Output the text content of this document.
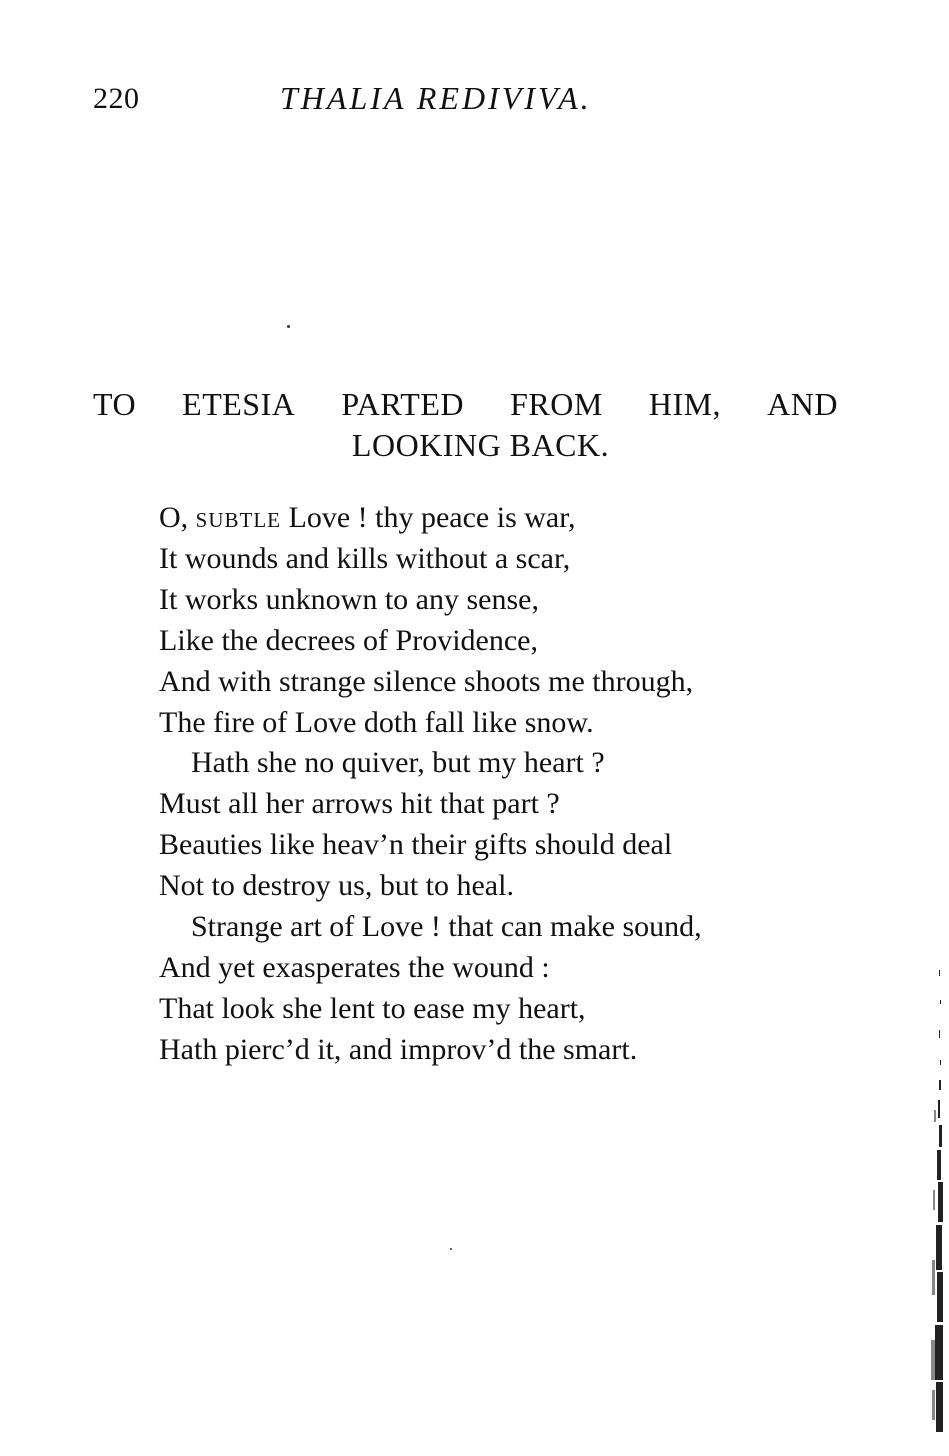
220	THALIA REDIVIVA.
TO ETESIA PARTED FROM HIM, AND
LOOKING BACK.
O, subtle Love ! thy peace is war,
It wounds and kills without a scar,
It works unknown to any sense,
Like the decrees of Providence,
And with strange silence shoots me through,
The fire of Love doth fall like snow.
Hath she no quiver, but my heart ?
Must all her arrows hit that part ?
Beauties like heav’n their gifts should deal
Not to destroy us, but to heal.
Strange art of Love ! that can make sound,
And yet exasperates the wound :
That look she lent to ease my heart,
Hath pierc’d it, and improv’d the smart.
